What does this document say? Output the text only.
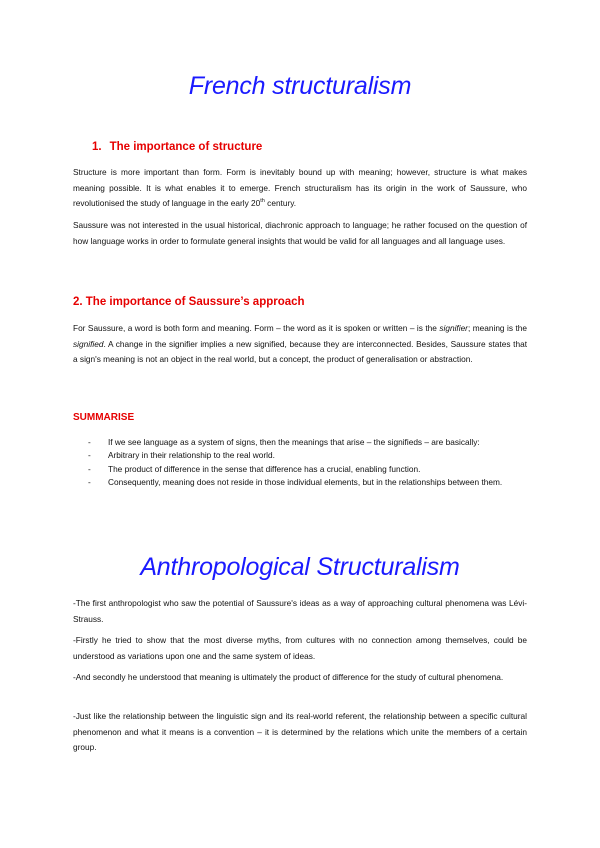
French structuralism
1. The importance of structure

Structure is more important than form. Form is inevitably bound up with meaning; however, structure is what makes meaning possible. It is what enables it to emerge. French structuralism has its origin in the work of Saussure, who revolutionised the study of language in the early 20th century.

Saussure was not interested in the usual historical, diachronic approach to language; he rather focused on the question of how language works in order to formulate general insights that would be valid for all languages and all language uses.

2. The importance of Saussure’s approach

For Saussure, a word is both form and meaning. Form – the word as it is spoken or written – is the signifier; meaning is the signified. A change in the signifier implies a new signified, because they are interconnected. Besides, Saussure states that a sign's meaning is not an object in the real world, but a concept, the product of generalisation or abstraction.

SUMMARISE
- If we see language as a system of signs, then the meanings that arise – the signifieds – are basically:
- Arbitrary in their relationship to the real world.
- The product of difference in the sense that difference has a crucial, enabling function.
- Consequently, meaning does not reside in those individual elements, but in the relationships between them.
Anthropological Structuralism

-The first anthropologist who saw the potential of Saussure's ideas as a way of approaching cultural phenomena was Lévi-Strauss.

-Firstly he tried to show that the most diverse myths, from cultures with no connection among themselves, could be understood as variations upon one and the same system of ideas.

-And secondly he understood that meaning is ultimately the product of difference for the study of cultural phenomena.

-Just like the relationship between the linguistic sign and its real-world referent, the relationship between a specific cultural phenomenon and what it means is a convention – it is determined by the relations which unite the members of a certain group.
